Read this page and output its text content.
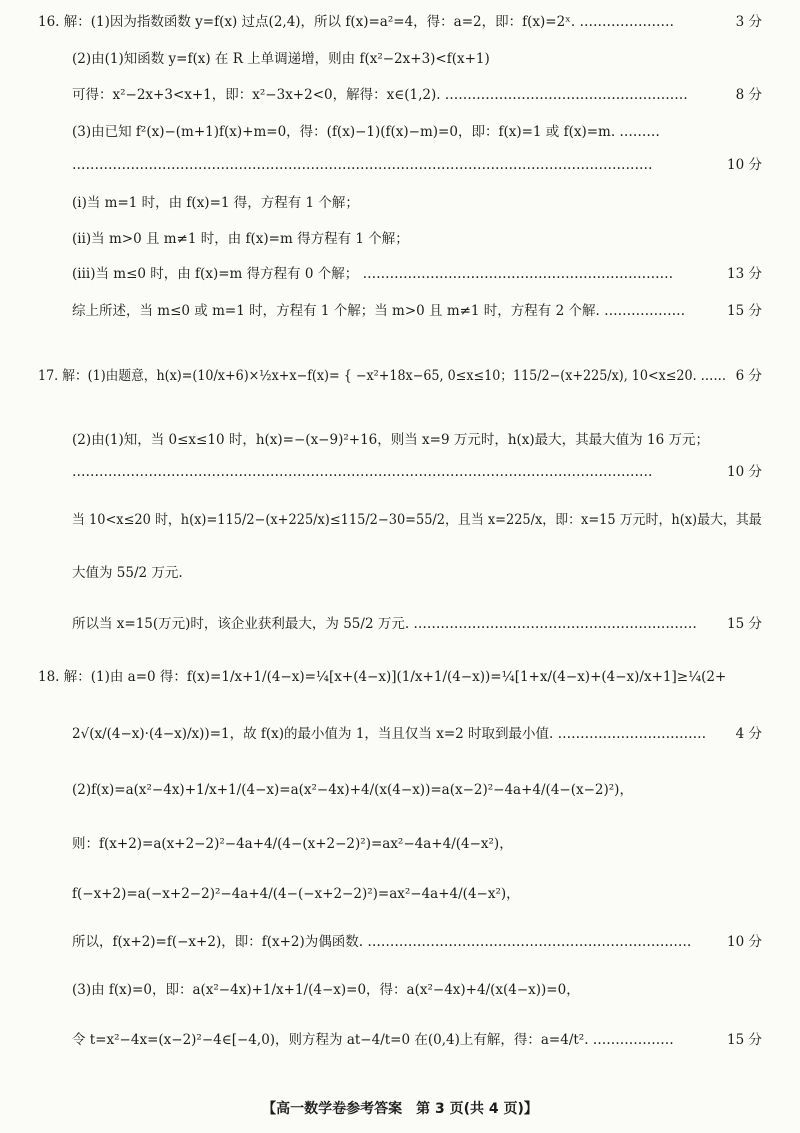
16. 解：(1)因为指数函数 y=f(x) 过点(2,4)，所以 f(x)=a²=4，得：a=2，即：f(x)=2ˣ. …………………	3 分
(2)由(1)知函数 y=f(x) 在 R 上单调递增，则由 f(x²−2x+3)<f(x+1)
可得：x²−2x+3<x+1，即：x²−3x+2<0，解得：x∈(1,2). ………………………………………………	8 分
(3)由已知 f²(x)−(m+1)f(x)+m=0，得：(f(x)−1)(f(x)−m)=0，即：f(x)=1 或 f(x)=m. ………
…………………………………………………………………………………………………………………	10 分
(ⅰ)当 m=1 时，由 f(x)=1 得，方程有 1 个解；
(ⅱ)当 m>0 且 m≠1 时，由 f(x)=m 得方程有 1 个解；
(ⅲ)当 m≤0 时，由 f(x)=m 得方程有 0 个解； ……………………………………………………………	13 分
综上所述，当 m≤0 或 m=1 时，方程有 1 个解；当 m>0 且 m≠1 时，方程有 2 个解. ………………	15 分
17. 解：(1)由题意，h(x)=(10/x+6)×½x+x−f(x)= { −x²+18x−65, 0≤x≤10；115/2−(x+225/x), 10<x≤20. …… 6 分
(2)由(1)知，当 0≤x≤10 时，h(x)=−(x−9)²+16，则当 x=9 万元时，h(x)最大，其最大值为 16 万元；
…………………………………………………………………………………………………………………	10 分
当 10<x≤20 时，h(x)=115/2−(x+225/x)≤115/2−30=55/2，且当 x=225/x，即：x=15 万元时，h(x)最大，其最
大值为 55/2 万元.
所以当 x=15(万元)时，该企业获利最大，为 55/2 万元. ……………………………………………………… 15 分
18. 解：(1)由 a=0 得：f(x)=1/x+1/(4−x)=¼[x+(4−x)](1/x+1/(4−x))=¼[1+x/(4−x)+(4−x)/x+1]≥¼(2+
2√(x/(4−x)·(4−x)/x))=1，故 f(x)的最小值为 1，当且仅当 x=2 时取到最小值. …………………………… 4 分
(2)f(x)=a(x²−4x)+1/x+1/(4−x)=a(x²−4x)+4/(x(4−x))=a(x−2)²−4a+4/(4−(x−2)²)，
则：f(x+2)=a(x+2−2)²−4a+4/(4−(x+2−2)²)=ax²−4a+4/(4−x²)，
f(−x+2)=a(−x+2−2)²−4a+4/(4−(−x+2−2)²)=ax²−4a+4/(4−x²)，
所以，f(x+2)=f(−x+2)，即：f(x+2)为偶函数. ………………………………………………………………	10 分
(3)由 f(x)=0，即：a(x²−4x)+1/x+1/(4−x)=0，得：a(x²−4x)+4/(x(4−x))=0，
令 t=x²−4x=(x−2)²−4∈[−4,0)，则方程为 at−4/t=0 在(0,4)上有解，得：a=4/t². ………………	15 分
【高一数学卷参考答案　第 3 页(共 4 页)】
